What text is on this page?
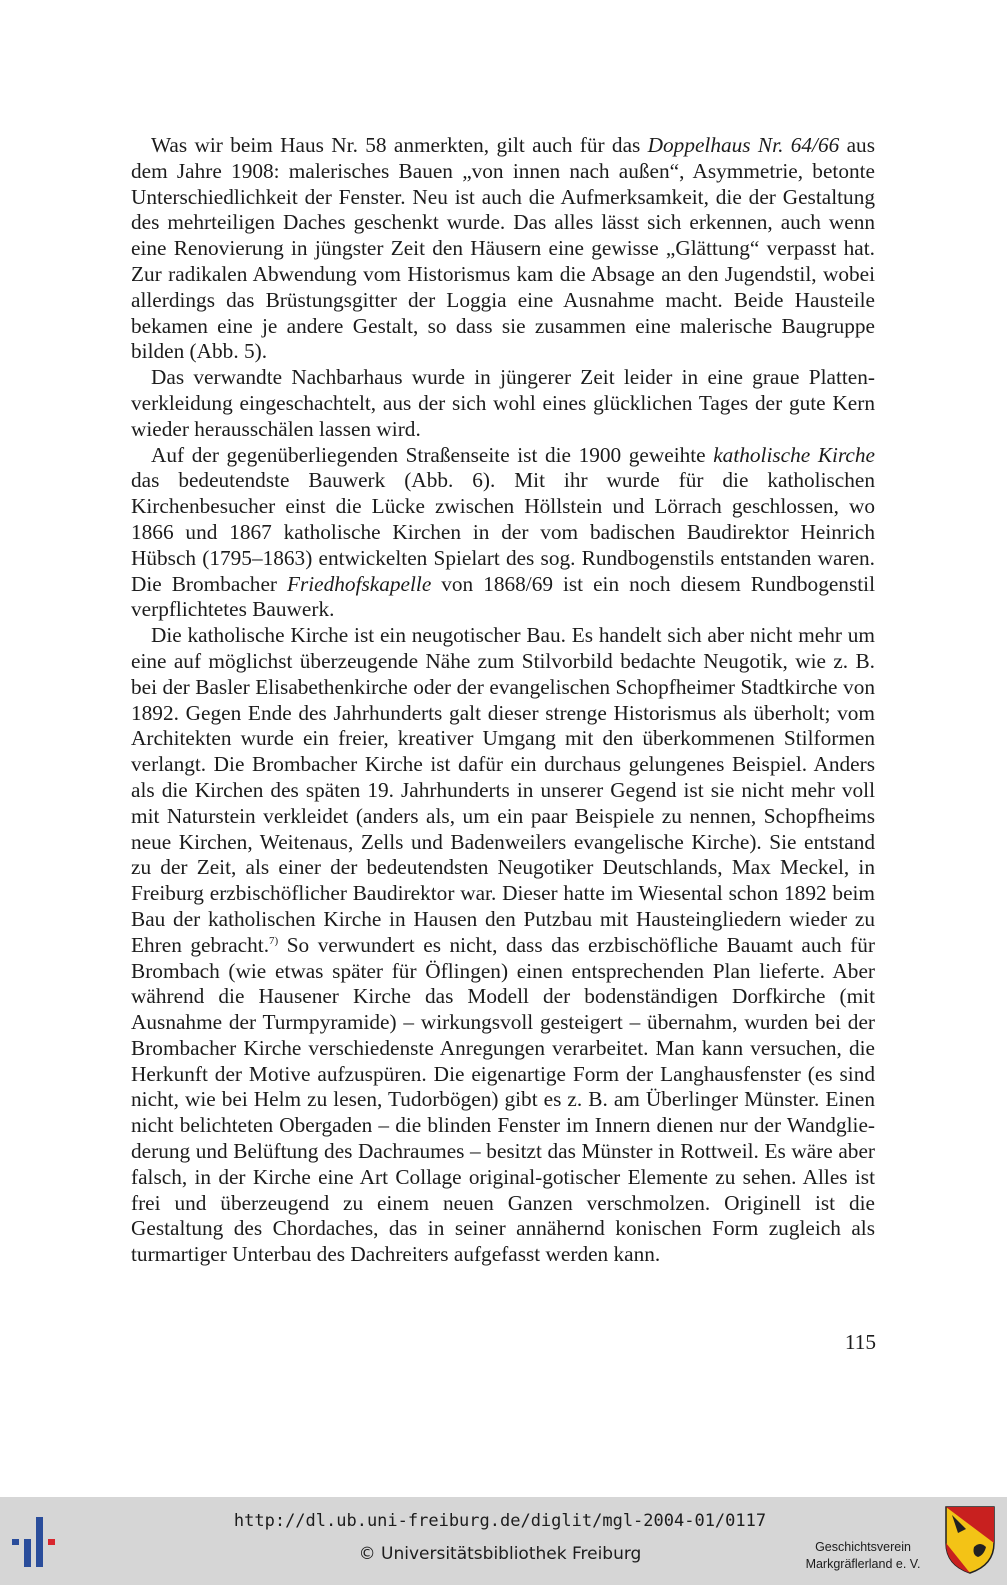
Was wir beim Haus Nr. 58 anmerkten, gilt auch für das Doppelhaus Nr. 64/66 aus dem Jahre 1908: malerisches Bauen „von innen nach außen“, Asymmetrie, betonte Unterschiedlichkeit der Fenster. Neu ist auch die Aufmerksamkeit, die der Gestaltung des mehrteiligen Daches geschenkt wurde. Das alles lässt sich erkennen, auch wenn eine Renovierung in jüngster Zeit den Häusern eine gewisse „Glättung“ verpasst hat. Zur radikalen Abwendung vom Historismus kam die Absage an den Jugendstil, wobei allerdings das Brüstungsgitter der Loggia eine Ausnahme macht. Beide Hausteile bekamen eine je andere Gestalt, so dass sie zusammen eine malerische Baugruppe bilden (Abb. 5).

Das verwandte Nachbarhaus wurde in jüngerer Zeit leider in eine graue Plattenverkleidung eingeschachtelt, aus der sich wohl eines glücklichen Tages der gute Kern wieder herausschälen lassen wird.

Auf der gegenüberliegenden Straßenseite ist die 1900 geweihte katholische Kirche das bedeutendste Bauwerk (Abb. 6). Mit ihr wurde für die katholischen Kirchenbesucher einst die Lücke zwischen Höllstein und Lörrach geschlossen, wo 1866 und 1867 katholische Kirchen in der vom badischen Baudirektor Heinrich Hübsch (1795–1863) entwickelten Spielart des sog. Rundbogenstils entstanden waren. Die Brombacher Friedhofskapelle von 1868/69 ist ein noch diesem Rundbogenstil verpflichtetes Bauwerk.

Die katholische Kirche ist ein neugotischer Bau. Es handelt sich aber nicht mehr um eine auf möglichst überzeugende Nähe zum Stilvorbild bedachte Neugotik, wie z. B. bei der Basler Elisabethenkirche oder der evangelischen Schopfheimer Stadtkirche von 1892. Gegen Ende des Jahrhunderts galt dieser strenge Historismus als überholt; vom Architekten wurde ein freier, kreativer Umgang mit den überkommenen Stilformen verlangt. Die Brombacher Kirche ist dafür ein durchaus gelungenes Beispiel. Anders als die Kirchen des späten 19. Jahrhunderts in unserer Gegend ist sie nicht mehr voll mit Naturstein verkleidet (anders als, um ein paar Beispiele zu nennen, Schopfheims neue Kirchen, Weitenaus, Zells und Badenweilers evangelische Kirche). Sie entstand zu der Zeit, als einer der bedeutendsten Neugotiker Deutschlands, Max Meckel, in Freiburg erzbischöflicher Baudirektor war. Dieser hatte im Wiesental schon 1892 beim Bau der katholischen Kirche in Hausen den Putzbau mit Hausteingliedern wieder zu Ehren gebracht.$^{7)}$ So verwundert es nicht, dass das erzbischöfliche Bauamt auch für Brombach (wie etwas später für Öflingen) einen entsprechenden Plan lieferte. Aber während die Hausener Kirche das Modell der bodenständigen Dorfkirche (mit Ausnahme der Turmpyramide) – wirkungsvoll gesteigert – übernahm, wurden bei der Brombacher Kirche verschiedenste Anregungen verarbeitet. Man kann versuchen, die Herkunft der Motive aufzuspüren. Die eigenartige Form der Langhausfenster (es sind nicht, wie bei Helm zu lesen, Tudorbögen) gibt es z. B. am Überlinger Münster. Einen nicht belichteten Obergaden – die blinden Fenster im Innern dienen nur der Wandgliederung und Belüftung des Dachraumes – besitzt das Münster in Rottweil. Es wäre aber falsch, in der Kirche eine Art Collage original-gotischer Elemente zu sehen. Alles ist frei und überzeugend zu einem neuen Ganzen verschmolzen. Originell ist die Gestaltung des Chordaches, das in seiner annähernd konischen Form zugleich als turmartiger Unterbau des Dachreiters aufgefasst werden kann.

115
http://dl.ub.uni-freiburg.de/diglit/mgl-2004-01/0117
© Universitätsbibliothek Freiburg	Geschichtsverein
Markgräflerland e. V.
